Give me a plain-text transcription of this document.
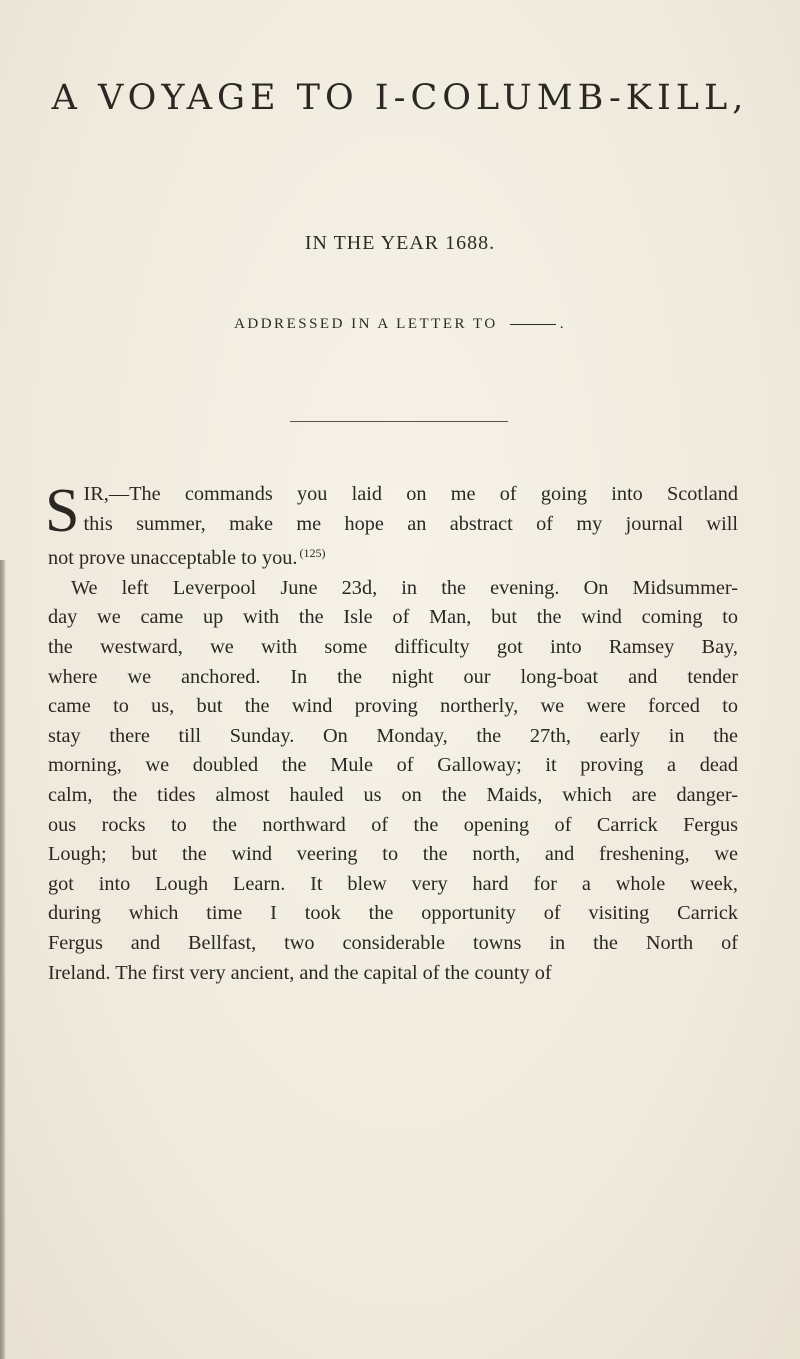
A VOYAGE TO I-COLUMB-KILL,
IN THE YEAR 1688.
ADDRESSED IN A LETTER TO	.
S IR,—The commands you laid on me of going into Scotland
this summer, make me hope an abstract of my journal will
not prove unacceptable to you. $^{(125)}$
We left Leverpool June 23d, in the evening. On Midsummer-
day we came up with the Isle of Man, but the wind coming to
the westward, we with some difficulty got into Ramsey Bay,
where we anchored. In the night our long-boat and tender
came to us, but the wind proving northerly, we were forced to
stay there till Sunday. On Monday, the 27th, early in the
morning, we doubled the Mule of Galloway; it proving a dead
calm, the tides almost hauled us on the Maids, which are danger-
ous rocks to the northward of the opening of Carrick Fergus
Lough; but the wind veering to the north, and freshening, we
got into Lough Learn. It blew very hard for a whole week,
during which time I took the opportunity of visiting Carrick
Fergus and Bellfast, two considerable towns in the North of
Ireland. The first very ancient, and the capital of the county of
